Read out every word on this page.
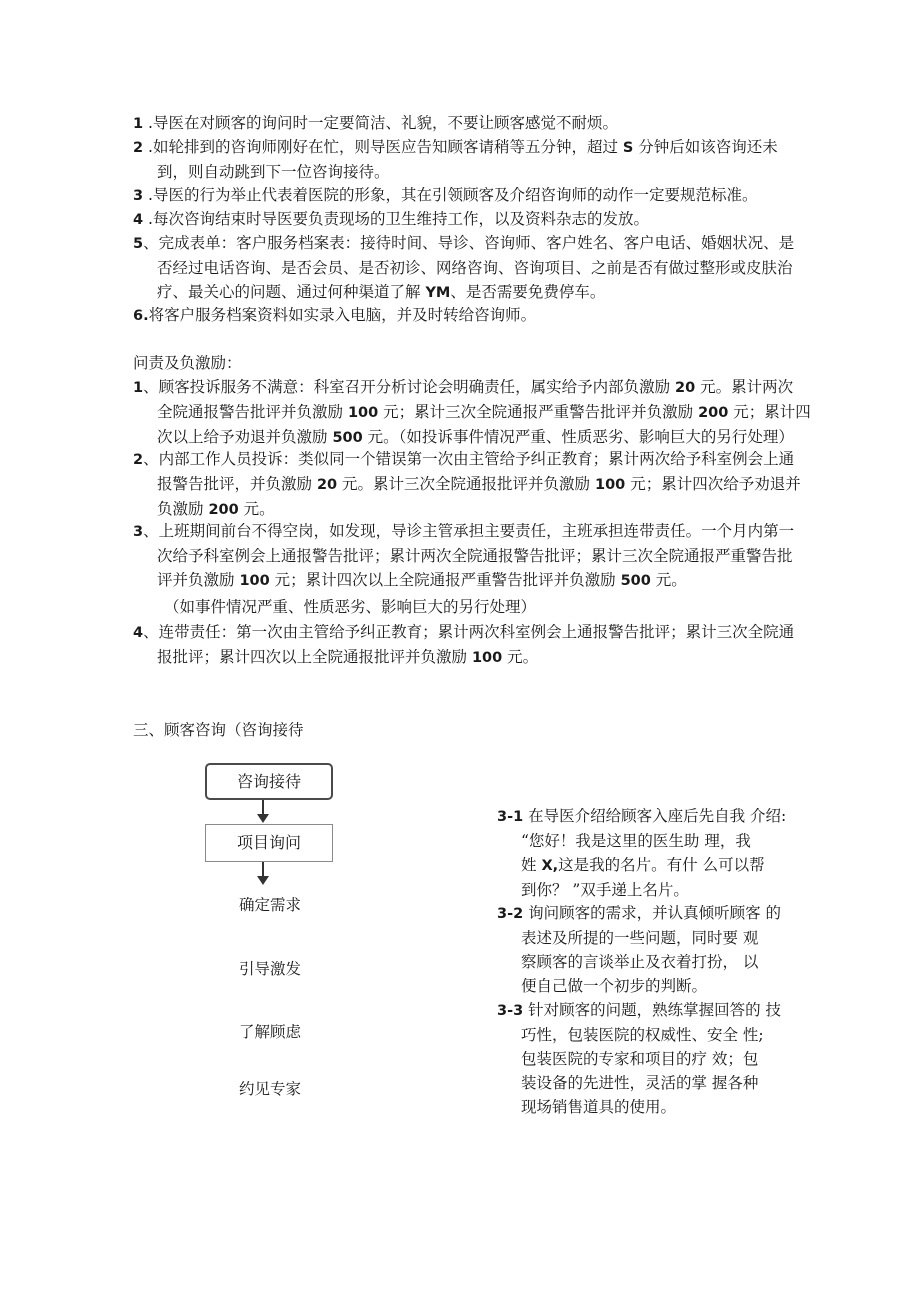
1 .导医在对顾客的询问时一定要简洁、礼貌，不要让顾客感觉不耐烦。
2 .如轮排到的咨询师刚好在忙，则导医应告知顾客请稍等五分钟，超过 S 分钟后如该咨询还未
到，则自动跳到下一位咨询接待。
3 .导医的行为举止代表着医院的形象，其在引领顾客及介绍咨询师的动作一定要规范标准。
4 .每次咨询结束时导医要负责现场的卫生维持工作，以及资料杂志的发放。
5、完成表单：客户服务档案表：接待时间、导诊、咨询师、客户姓名、客户电话、婚姻状况、是
否经过电话咨询、是否会员、是否初诊、网络咨询、咨询项目、之前是否有做过整形或皮肤治
疗、最关心的问题、通过何种渠道了解 YM、是否需要免费停车。
6.将客户服务档案资料如实录入电脑，并及时转给咨询师。
问责及负激励：
1、顾客投诉服务不满意：科室召开分析讨论会明确责任，属实给予内部负激励 20 元。累计两次
全院通报警告批评并负激励 100 元；累计三次全院通报严重警告批评并负激励 200 元；累计四
次以上给予劝退并负激励 500 元。（如投诉事件情况严重、性质恶劣、影响巨大的另行处理）
2、内部工作人员投诉：类似同一个错误第一次由主管给予纠正教育；累计两次给予科室例会上通
报警告批评，并负激励 20 元。累计三次全院通报批评并负激励 100 元；累计四次给予劝退并
负激励 200 元。
3、上班期间前台不得空岗，如发现，导诊主管承担主要责任，主班承担连带责任。一个月内第一
次给予科室例会上通报警告批评；累计两次全院通报警告批评；累计三次全院通报严重警告批
评并负激励 100 元；累计四次以上全院通报严重警告批评并负激励 500 元。
（如事件情况严重、性质恶劣、影响巨大的另行处理）
4、连带责任：第一次由主管给予纠正教育；累计两次科室例会上通报警告批评；累计三次全院通
报批评；累计四次以上全院通报批评并负激励 100 元。
三、顾客咨询（咨询接待
咨询接待
项目询问
确定需求
引导激发
了解顾虑
约见专家
3-1 在导医介绍给顾客入座后先自我 介绍:
“您好！我是这里的医生助 理，我
姓 X,这是我的名片。有什 么可以帮
到你？ ”双手递上名片。
3-2 询问顾客的需求，并认真倾听顾客 的
表述及所提的一些问题，同时要 观
察顾客的言谈举止及衣着打扮， 以
便自己做一个初步的判断。
3-3 针对顾客的问题，熟练掌握回答的 技
巧性，包装医院的权威性、安全 性;
包装医院的专家和项目的疗 效；包
装设备的先进性，灵活的掌 握各种
现场销售道具的使用。
